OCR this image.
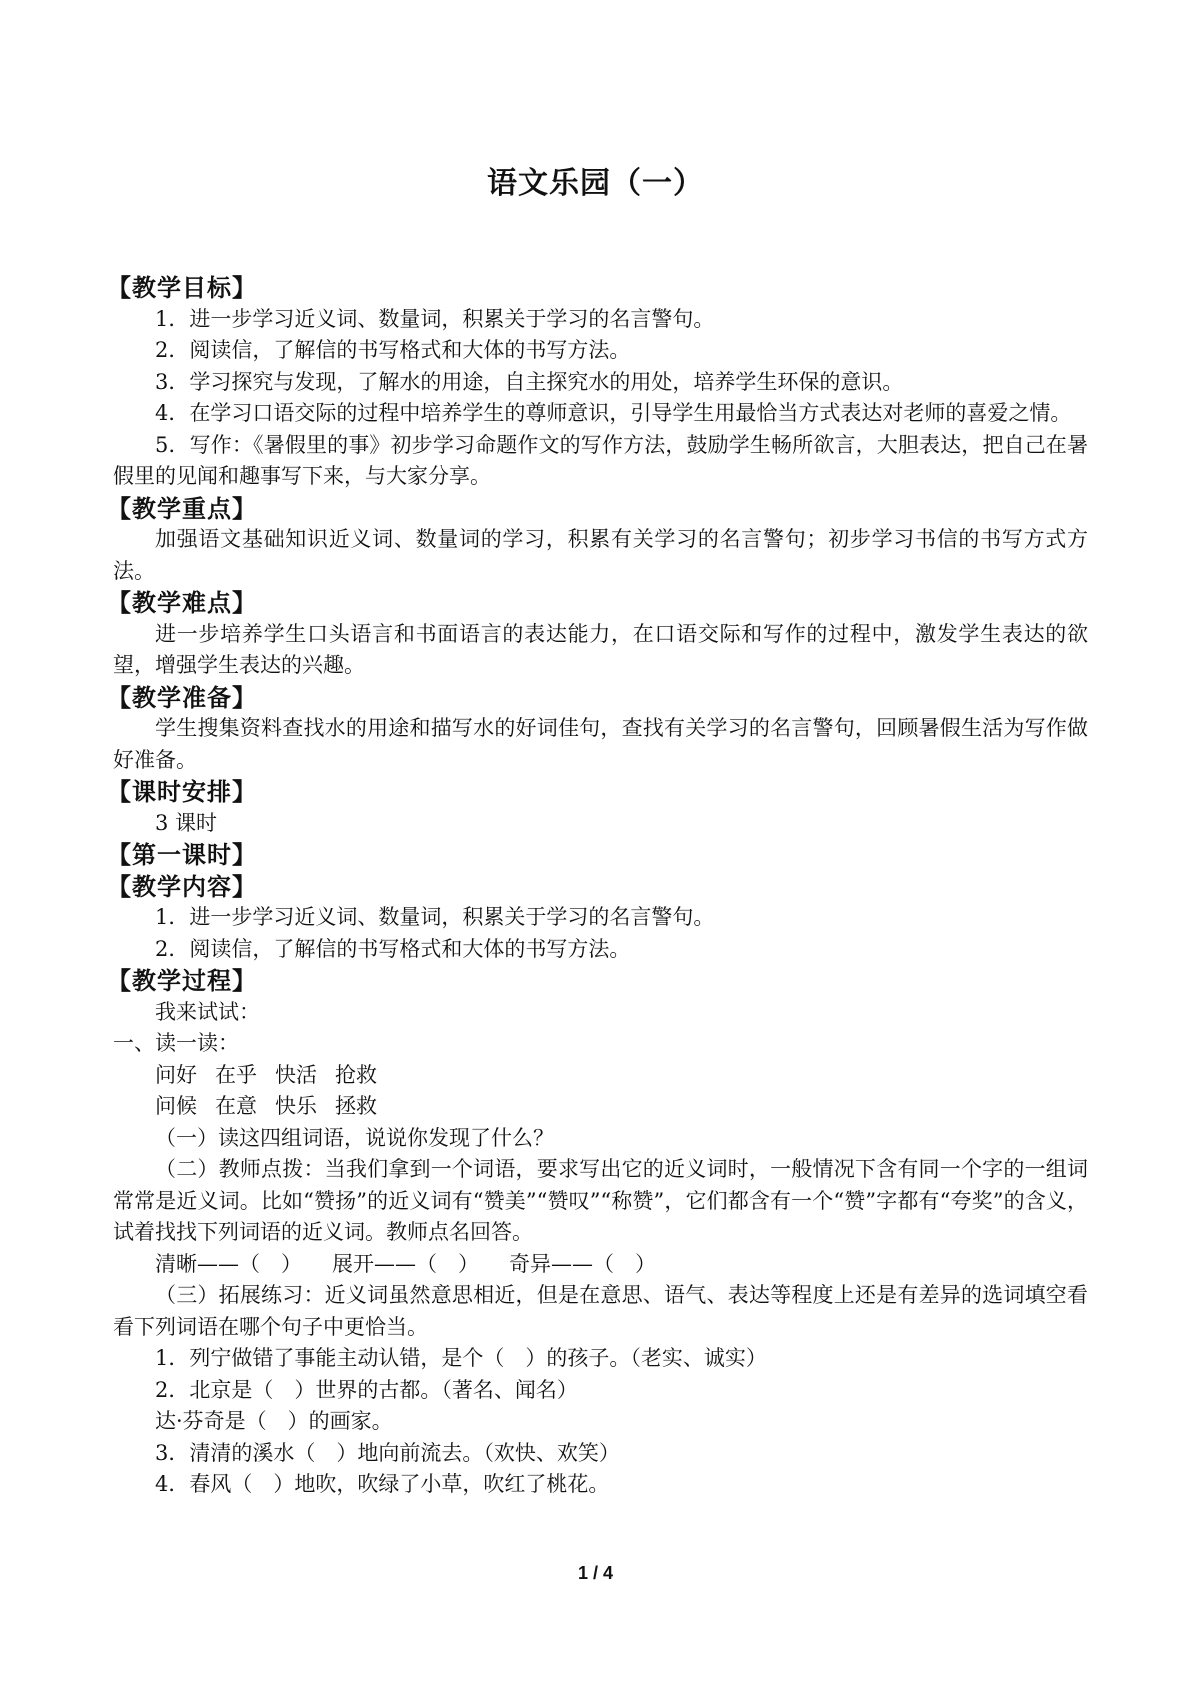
语文乐园（一）

【教学目标】

1．进一步学习近义词、数量词，积累关于学习的名言警句。

2．阅读信，了解信的书写格式和大体的书写方法。

3．学习探究与发现，了解水的用途，自主探究水的用处，培养学生环保的意识。

4．在学习口语交际的过程中培养学生的尊师意识，引导学生用最恰当方式表达对老师的喜爱之情。

5．写作：《暑假里的事》初步学习命题作文的写作方法，鼓励学生畅所欲言，大胆表达，把自己在暑假里的见闻和趣事写下来，与大家分享。

【教学重点】

加强语文基础知识近义词、数量词的学习，积累有关学习的名言警句；初步学习书信的书写方式方法。

【教学难点】

进一步培养学生口头语言和书面语言的表达能力，在口语交际和写作的过程中，激发学生表达的欲望，增强学生表达的兴趣。

【教学准备】

学生搜集资料查找水的用途和描写水的好词佳句，查找有关学习的名言警句，回顾暑假生活为写作做好准备。

【课时安排】

3 课时

【第一课时】

【教学内容】

1．进一步学习近义词、数量词，积累关于学习的名言警句。

2．阅读信，了解信的书写格式和大体的书写方法。

【教学过程】

我来试试：

一、读一读：

问好 在乎 快活 抢救

问候 在意 快乐 拯救

（一）读这四组词语，说说你发现了什么？

（二）教师点拨：当我们拿到一个词语，要求写出它的近义词时，一般情况下含有同一个字的一组词常常是近义词。比如“赞扬”的近义词有“赞美”“赞叹”“称赞”，它们都含有一个“赞”字都有“夸奖”的含义，试着找找下列词语的近义词。教师点名回答。

清晰——（　） 展开——（　） 奇异——（　）

（三）拓展练习：近义词虽然意思相近，但是在意思、语气、表达等程度上还是有差异的选词填空看看下列词语在哪个句子中更恰当。

1．列宁做错了事能主动认错，是个（　）的孩子。（老实、诚实）

2．北京是（　）世界的古都。（著名、闻名）

达·芬奇是（　）的画家。

3．清清的溪水（　）地向前流去。（欢快、欢笑）

4．春风（　）地吹，吹绿了小草，吹红了桃花。

1 / 4
